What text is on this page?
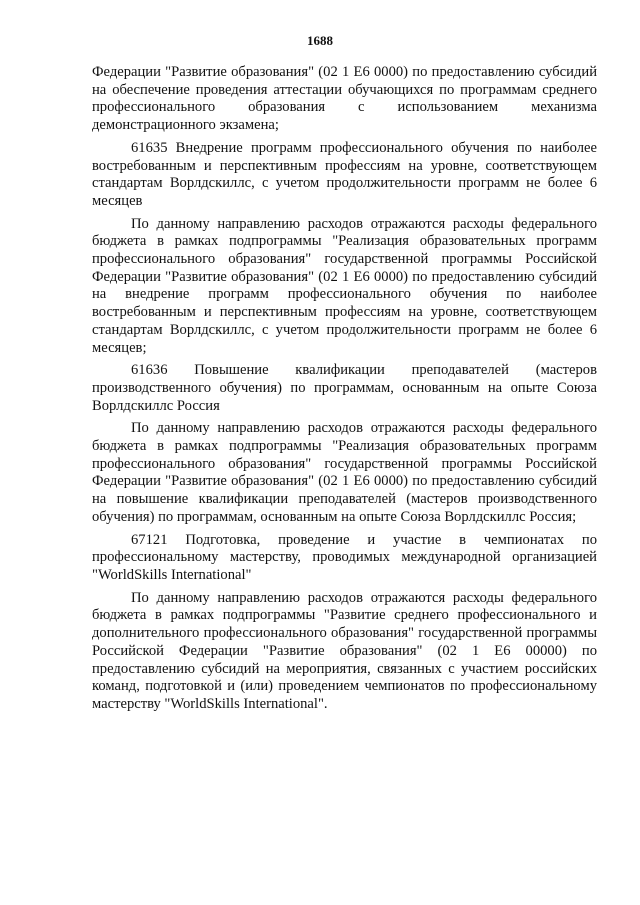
1688

Федерации "Развитие образования" (02 1 Е6 0000) по предоставлению субсидий на обеспечение проведения аттестации обучающихся по программам среднего профессионального образования с использованием механизма демонстрационного экзамена;

61635 Внедрение программ профессионального обучения по наиболее востребованным и перспективным профессиям на уровне, соответствующем стандартам Ворлдскиллс, с учетом продолжительности программ не более 6 месяцев

По данному направлению расходов отражаются расходы федерального бюджета в рамках подпрограммы "Реализация образовательных программ профессионального образования" государственной программы Российской Федерации "Развитие образования" (02 1 Е6 0000) по предоставлению субсидий на внедрение программ профессионального обучения по наиболее востребованным и перспективным профессиям на уровне, соответствующем стандартам Ворлдскиллс, с учетом продолжительности программ не более 6 месяцев;

61636 Повышение квалификации преподавателей (мастеров производственного обучения) по программам, основанным на опыте Союза Ворлдскиллс Россия

По данному направлению расходов отражаются расходы федерального бюджета в рамках подпрограммы "Реализация образовательных программ профессионального образования" государственной программы Российской Федерации "Развитие образования" (02 1 Е6 0000) по предоставлению субсидий на повышение квалификации преподавателей (мастеров производственного обучения) по программам, основанным на опыте Союза Ворлдскиллс Россия;

67121 Подготовка, проведение и участие в чемпионатах по профессиональному мастерству, проводимых международной организацией "WorldSkills International"

По данному направлению расходов отражаются расходы федерального бюджета в рамках подпрограммы "Развитие среднего профессионального и дополнительного профессионального образования" государственной программы Российской Федерации "Развитие образования" (02 1 Е6 00000) по предоставлению субсидий на мероприятия, связанных с участием российских команд, подготовкой и (или) проведением чемпионатов по профессиональному мастерству "WorldSkills International".
